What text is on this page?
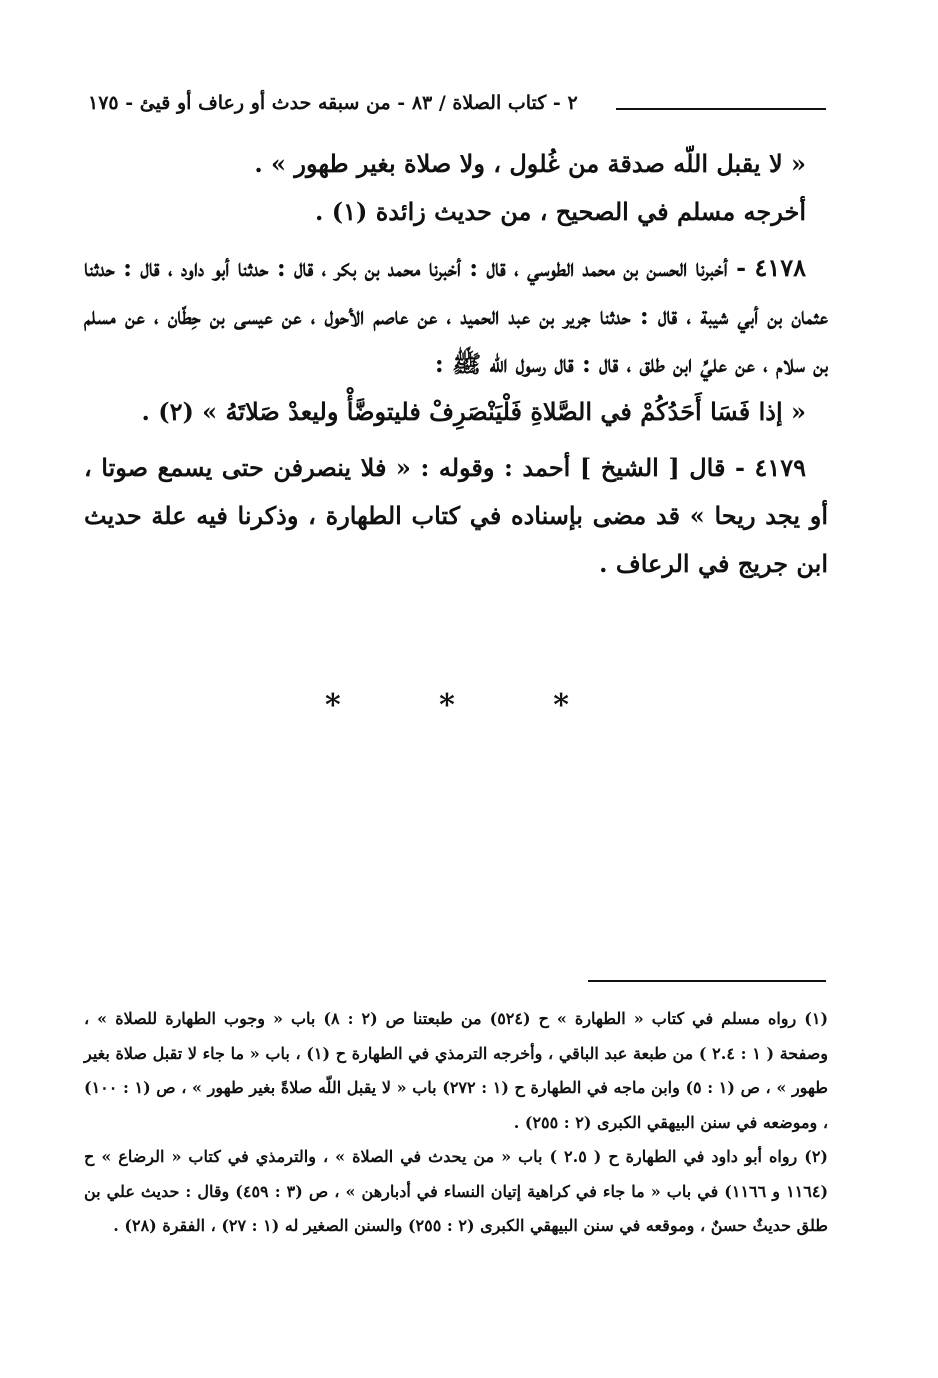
٢ - كتاب الصلاة / ٨٣ - من سبقه حدث أو رعاف أو قيئ - ١٧٥

« لا يقبل اللّه صدقة من غُلول ، ولا صلاة بغير طهور » .

أخرجه مسلم في الصحيح ، من حديث زائدة (١) .

٤١٧٨ - أخبرنا الحسن بن محمد الطوسي ، قال : أخبرنا محمد بن بكر ، قال : حدثنا أبو داود ، قال : حدثنا عثمان بن أبي شيبة ، قال : حدثنا جرير بن عبد الحميد ، عن عاصم الأحول ، عن عيسى بن حِطّان ، عن مسلم بن سلام ، عن عليِّ ابن طلق ، قال : قال رسول اللّه ﷺ :

« إذا فَسَا أَحَدُكُمْ في الصَّلاةِ فَلْيَنْصَرِفْ فليتوضَّأْ وليعدْ صَلاتَهُ » (٢) .

٤١٧٩ - قال [ الشيخ ] أحمد : وقوله : « فلا ينصرفن حتى يسمع صوتا ، أو يجد ريحا » قد مضى بإسناده في كتاب الطهارة ، وذكرنا فيه علة حديث ابن جريج في الرعاف .

* * *

(١) رواه مسلم في كتاب « الطهارة » ح (٥٢٤) من طبعتنا ص (٢ : ٨) باب « وجوب الطهارة للصلاة » ، وصفحة ( ١ : ٢.٤ ) من طبعة عبد الباقي ، وأخرجه الترمذي في الطهارة ح (١) ، باب « ما جاء لا تقبل صلاة بغير طهور » ، ص (١ : ٥) وابن ماجه في الطهارة ح (١ : ٢٧٢) باب « لا يقبل اللّه صلاةً بغير طهور » ، ص (١ : ١٠٠) ، وموضعه في سنن البيهقي الكبرى (٢ : ٢٥٥) .

(٢) رواه أبو داود في الطهارة ح ( ٢.٥ ) باب « من يحدث في الصلاة » ، والترمذي في كتاب « الرضاع » ح (١١٦٤ و ١١٦٦) في باب « ما جاء في كراهية إتيان النساء في أدبارهن » ، ص (٣ : ٤٥٩) وقال : حديث علي بن طلق حديثٌ حسنٌ ، وموقعه في سنن البيهقي الكبرى (٢ : ٢٥٥) والسنن الصغير له (١ : ٢٧) ، الفقرة (٢٨) .
